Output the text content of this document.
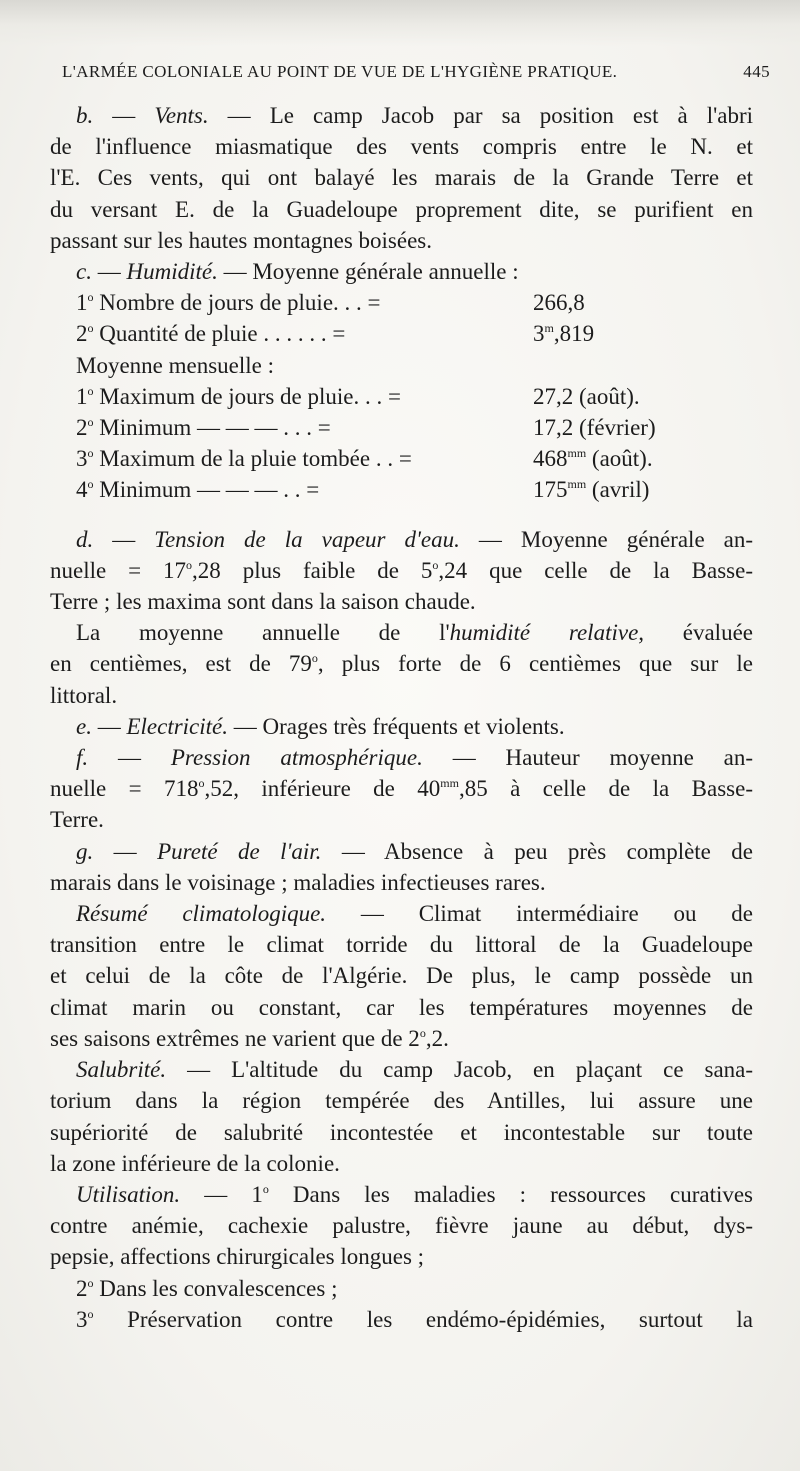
L'ARMÉE COLONIALE AU POINT DE VUE DE L'HYGIÈNE PRATIQUE.	445

b. — Vents. — Le camp Jacob par sa position est à l'abri

de l'influence miasmatique des vents compris entre le N. et

l'E. Ces vents, qui ont balayé les marais de la Grande Terre et

du versant E. de la Guadeloupe proprement dite, se purifient en

passant sur les hautes montagnes boisées.

c. — Humidité. — Moyenne générale annuelle :

1$^o$ Nombre de jours de pluie. . . =	266,8
2$^o$ Quantité de pluie . . . . . . =	$3^m,819$
Moyenne mensuelle :	
1$^o$ Maximum de jours de pluie. . . =	27,2 (août).
2$^o$ Minimum — — — . . . =	17,2 (février)
3$^o$ Maximum de la pluie tombée . . =	$468^{mm}$ (août).
4$^o$ Minimum — — — . . =	$175^{mm}$ (avril)

d. — Tension de la vapeur d'eau. — Moyenne générale an-

nuelle = $17^o,28$ plus faible de 5$^o$,24 que celle de la Basse-

Terre ; les maxima sont dans la saison chaude.

La moyenne annuelle de l'humidité relative, évaluée

en centièmes, est de 79$^o$, plus forte de 6 centièmes que sur le

littoral.

e. — Electricité. — Orages très fréquents et violents.

f. — Pression atmosphérique. — Hauteur moyenne an-

nuelle = $718^o,52$, inférieure de $40^{mm},85$ à celle de la Basse-

Terre.

g. — Pureté de l'air. — Absence à peu près complète de

marais dans le voisinage ; maladies infectieuses rares.

Résumé climatologique. — Climat intermédiaire ou de

transition entre le climat torride du littoral de la Guadeloupe

et celui de la côte de l'Algérie. De plus, le camp possède un

climat marin ou constant, car les températures moyennes de

ses saisons extrêmes ne varient que de 2$^o$,2.

Salubrité. — L'altitude du camp Jacob, en plaçant ce sana-

torium dans la région tempérée des Antilles, lui assure une

supériorité de salubrité incontestée et incontestable sur toute

la zone inférieure de la colonie.

Utilisation. — 1$^o$ Dans les maladies : ressources curatives

contre anémie, cachexie palustre, fièvre jaune au début, dys-

pepsie, affections chirurgicales longues ;

2$^o$ Dans les convalescences ;

3$^o$ Préservation contre les endémo-épidémies, surtout la
